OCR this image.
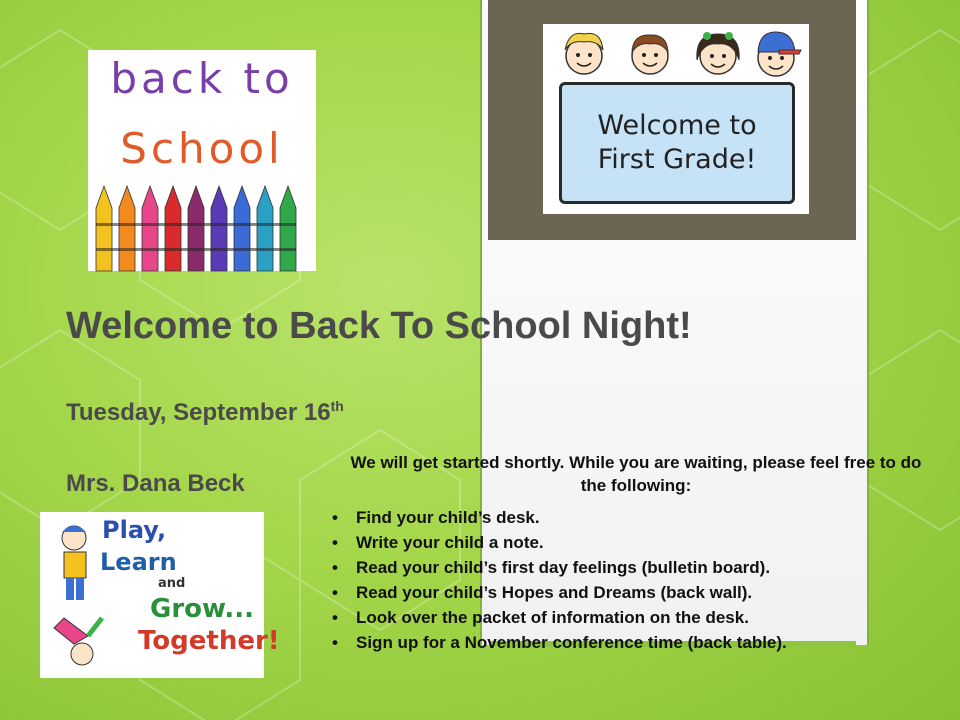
Welcome to
First Grade!
back to
School
Play,
Learn
and
Grow...
Together!
Welcome to Back To School Night!
Tuesday, September 16th
Mrs. Dana Beck
We will get started shortly. While you are waiting, please feel free to do the following:
• Find your child’s desk.
• Write your child a note.
• Read your child’s first day feelings (bulletin board).
• Read your child’s Hopes and Dreams (back wall).
• Look over the packet of information on the desk.
• Sign up for a November conference time (back table).
